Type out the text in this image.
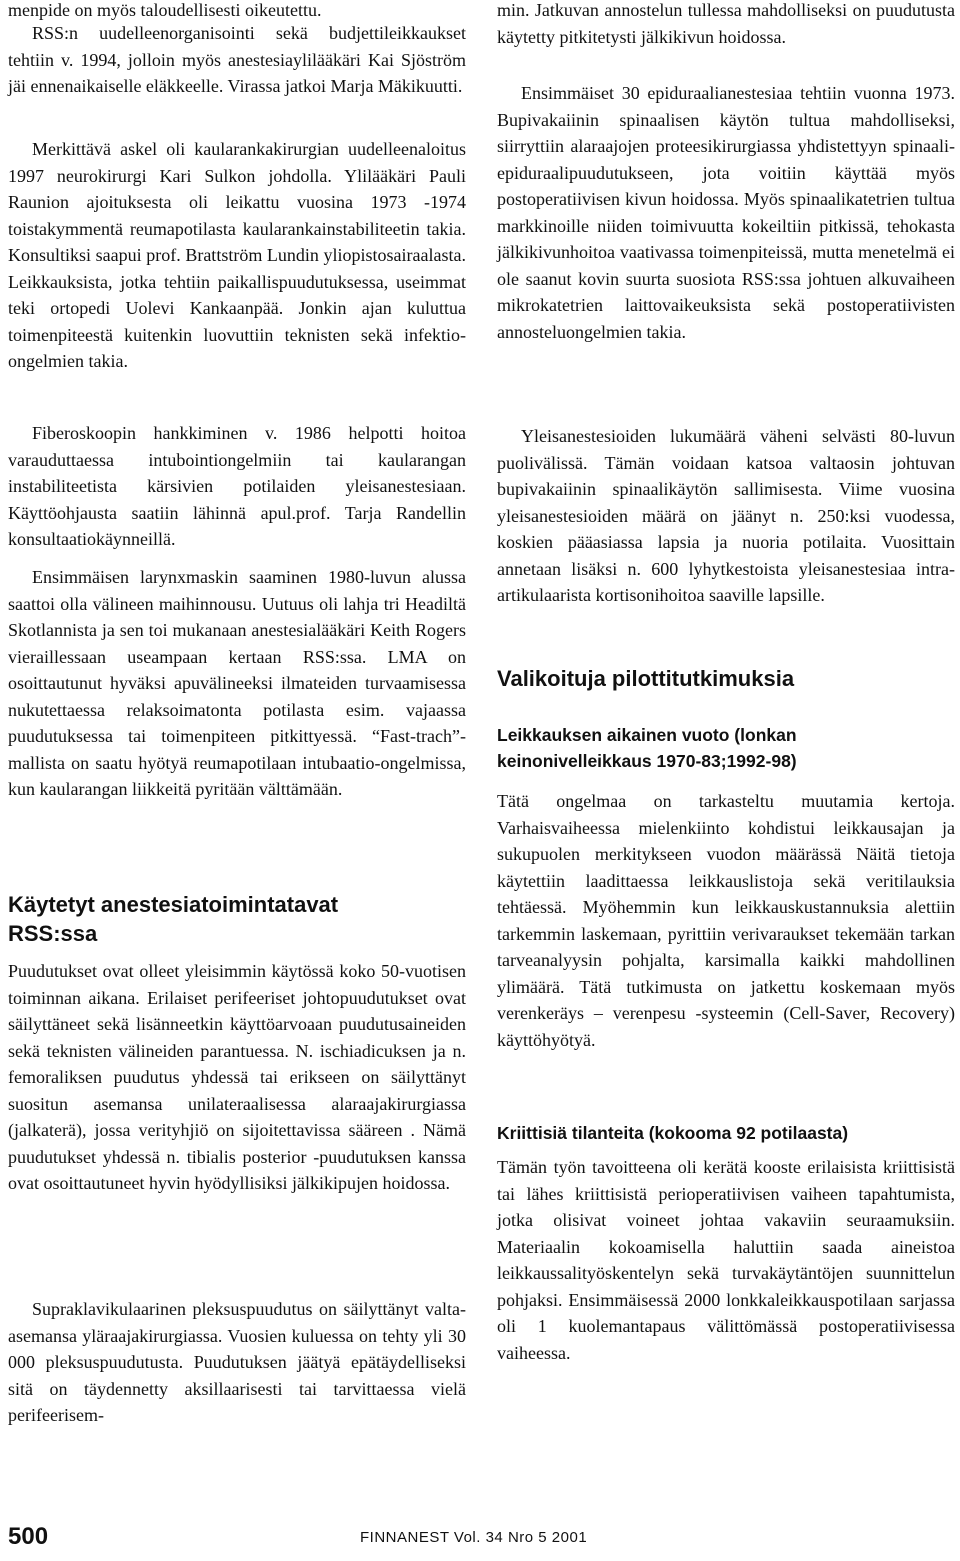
menpide on myös taloudellisesti oikeutettu.

RSS:n uudelleenorganisointi sekä budjettileikkaukset tehtiin v. 1994, jolloin myös anestesiaylilääkäri Kai Sjöström jäi ennenaikaiselle eläkkeelle. Virassa jatkoi Marja Mäkikuutti.

Merkittävä askel oli kaularankakirurgian uudelleenaloitus 1997 neurokirurgi Kari Sulkon johdolla. Ylilääkäri Pauli Raunion ajoituksesta oli leikattu vuosina 1973 -1974 toistakymmentä reumapotilasta kaularankainstabiliteetin takia. Konsultiksi saapui prof. Brattström Lundin yliopistosairaalasta. Leikkauksista, jotka tehtiin paikallispuudutuksessa, useimmat teki ortopedi Uolevi Kankaanpää. Jonkin ajan kuluttua toimenpiteestä kuitenkin luovuttiin teknisten sekä infektio-ongelmien takia.

Fiberoskoopin hankkiminen v. 1986 helpotti hoitoa varauduttaessa intubointiongelmiin tai kaularangan instabiliteetista kärsivien potilaiden yleisanestesiaan. Käyttöohjausta saatiin lähinnä apul.prof. Tarja Randellin konsultaatiokäynneillä.

Ensimmäisen larynxmaskin saaminen 1980-luvun alussa saattoi olla välineen maihinnousu. Uutuus oli lahja tri Headiltä Skotlannista ja sen toi mukanaan anestesialääkäri Keith Rogers vieraillessaan useampaan kertaan RSS:ssa. LMA on osoittautunut hyväksi apuvälineeksi ilmateiden turvaamisessa nukutettaessa relaksoimatonta potilasta esim. vajaassa puudutuksessa tai toimenpiteen pitkittyessä. “Fast-trach”-mallista on saatu hyötyä reumapotilaan intubaatio-ongelmissa, kun kaularangan liikkeitä pyritään välttämään.

Käytetyt anestesiatoimintatavat RSS:ssa

Puudutukset ovat olleet yleisimmin käytössä koko 50-vuotisen toiminnan aikana. Erilaiset perifeeriset johtopuudutukset ovat säilyttäneet sekä lisänneetkin käyttöarvoaan puudutusaineiden sekä teknisten välineiden parantuessa. N. ischiadicuksen ja n. femoraliksen puudutus yhdessä tai erikseen on säilyttänyt suositun asemansa unilateraalisessa alaraajakirurgiassa (jalkaterä), jossa verityhjiö on sijoitettavissa sääreen . Nämä puudutukset yhdessä n. tibialis posterior -puudutuksen kanssa ovat osoittautuneet hyvin hyödyllisiksi jälkikipujen hoidossa.

Supraklavikulaarinen pleksuspuudutus on säilyttänyt valta-asemansa yläraajakirurgiassa. Vuosien kuluessa on tehty yli 30 000 pleksuspuudutusta. Puudutuksen jäätyä epätäydelliseksi sitä on täydennetty aksillaarisesti tai tarvittaessa vielä perifeerisem-

min. Jatkuvan annostelun tullessa mahdolliseksi on puudutusta käytetty pitkitetysti jälkikivun hoidossa.

Ensimmäiset 30 epiduraalianestesiaa tehtiin vuonna 1973. Bupivakaiinin spinaalisen käytön tultua mahdolliseksi, siirryttiin alaraajojen proteesikirurgiassa yhdistettyyn spinaali-epiduraalipuudutukseen, jota voitiin käyttää myös postoperatiivisen kivun hoidossa. Myös spinaalikatetrien tultua markkinoille niiden toimivuutta kokeiltiin pitkissä, tehokasta jälkikivunhoitoa vaativassa toimenpiteissä, mutta menetelmä ei ole saanut kovin suurta suosiota RSS:ssa johtuen alkuvaiheen mikrokatetrien laittovaikeuksista sekä postoperatiivisten annosteluongelmien takia.

Yleisanestesioiden lukumäärä väheni selvästi 80-luvun puolivälissä. Tämän voidaan katsoa valtaosin johtuvan bupivakaiinin spinaalikäytön sallimisesta. Viime vuosina yleisanestesioiden määrä on jäänyt n. 250:ksi vuodessa, koskien pääasiassa lapsia ja nuoria potilaita. Vuosittain annetaan lisäksi n. 600 lyhytkestoista yleisanestesiaa intra-artikulaarista kortisonihoitoa saaville lapsille.

Valikoituja pilottitutkimuksia
Leikkauksen aikainen vuoto (lonkan keinonivelleikkaus 1970-83;1992-98)

Tätä ongelmaa on tarkasteltu muutamia kertoja. Varhaisvaiheessa mielenkiinto kohdistui leikkausajan ja sukupuolen merkitykseen vuodon määrässä Näitä tietoja käytettiin laadittaessa leikkauslistoja sekä veritilauksia tehtäessä. Myöhemmin kun leikkauskustannuksia alettiin tarkemmin laskemaan, pyrittiin verivaraukset tekemään tarkan tarveanalyysin pohjalta, karsimalla kaikki mahdollinen ylimäärä. Tätä tutkimusta on jatkettu koskemaan myös verenkeräys – verenpesu -systeemin (Cell-Saver, Recovery) käyttöhyötyä.

Kriittisiä tilanteita (kokooma 92 potilaasta)

Tämän työn tavoitteena oli kerätä kooste erilaisista kriittisistä tai lähes kriittisistä perioperatiivisen vaiheen tapahtumista, jotka olisivat voineet johtaa vakaviin seuraamuksiin. Materiaalin kokoamisella haluttiin saada aineistoa leikkaussalityöskentelyn sekä turvakäytäntöjen suunnittelun pohjaksi. Ensimmäisessä 2000 lonkkaleikkauspotilaan sarjassa oli 1 kuolemantapaus välittömässä postoperatiivisessa vaiheessa.

500	FINNANEST Vol. 34 Nro 5 2001
